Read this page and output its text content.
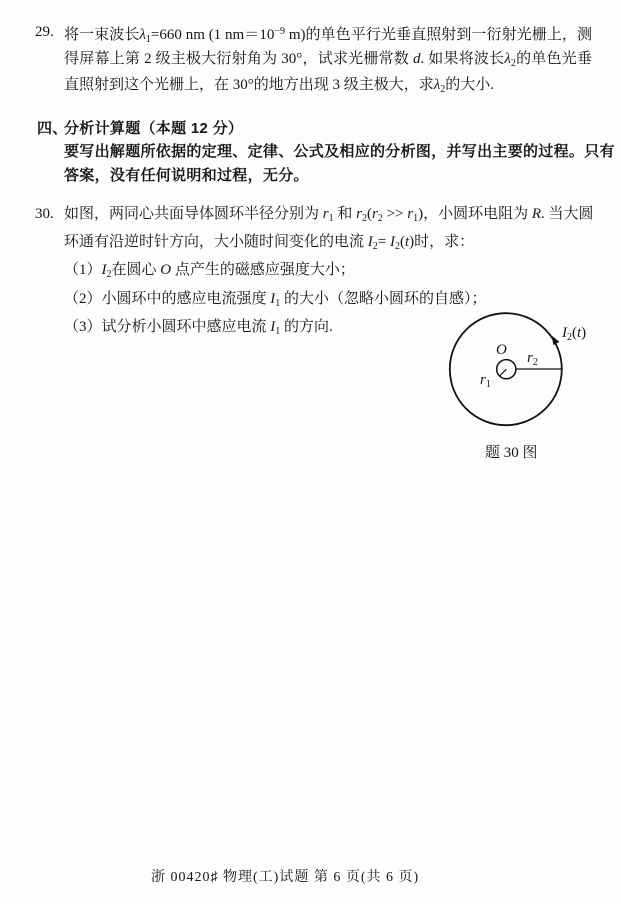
29. 将一束波长$\lambda_1=660$ nm (1 $nm=10^{-9}$ m)的单色平行光垂直照射到一衍射光栅上，测
得屏幕上第 2 级主极大衍射角为 30°，试求光栅常数 d. 如果将波长$\lambda_2$的单色光垂
直照射到这个光栅上，在 30°的地方出现 3 级主极大，求$\lambda_2$的大小.
四、
分析计算题（本题 12 分）
要写出解题所依据的定理、定律、公式及相应的分析图，并写出主要的过程。只有
答案，没有任何说明和过程，无分。
30. 如图，两同心共面导体圆环半径分别为 $r_1$ 和 $r_2(r_2 >> r_1)$，小圆环电阻为 R. 当大圆
环通有沿逆时针方向，大小随时间变化的电流 $I_2= I_2(t)$时，求：
$(1)I_2$在圆心 O 点产生的磁感应强度大小；
（2）小圆环中的感应电流强度 $I_1$ 的大小（忽略小圆环的自感）；
（3）试分析小圆环中感应电流 $I_1$ 的方向.
O $r_2$
$r_1$
$I_2(t)$
题 30 图
浙 00420♯ 物理(工)试题 第 6 页(共 6 页)
